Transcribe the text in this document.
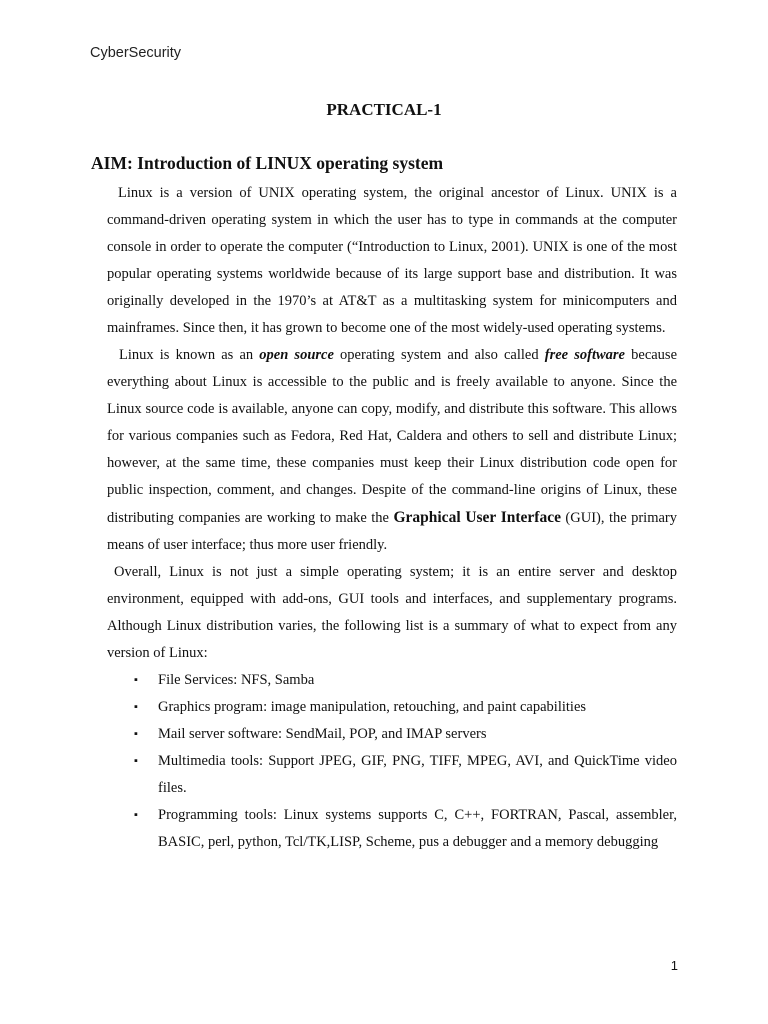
CyberSecurity
PRACTICAL-1
AIM: Introduction of LINUX operating system

Linux is a version of UNIX operating system, the original ancestor of Linux. UNIX is a command-driven operating system in which the user has to type in commands at the computer console in order to operate the computer (“Introduction to Linux, 2001). UNIX is one of the most popular operating systems worldwide because of its large support base and distribution. It was originally developed in the 1970’s at AT&T as a multitasking system for minicomputers and mainframes. Since then, it has grown to become one of the most widely-used operating systems.

Linux is known as an open source operating system and also called free software because everything about Linux is accessible to the public and is freely available to anyone. Since the Linux source code is available, anyone can copy, modify, and distribute this software. This allows for various companies such as Fedora, Red Hat, Caldera and others to sell and distribute Linux; however, at the same time, these companies must keep their Linux distribution code open for public inspection, comment, and changes. Despite of the command-line origins of Linux, these distributing companies are working to make the Graphical User Interface (GUI), the primary means of user interface; thus more user friendly.

Overall, Linux is not just a simple operating system; it is an entire server and desktop environment, equipped with add-ons, GUI tools and interfaces, and supplementary programs. Although Linux distribution varies, the following list is a summary of what to expect from any version of Linux:

▪ File Services: NFS, Samba
▪ Graphics program: image manipulation, retouching, and paint capabilities
▪ Mail server software: SendMail, POP, and IMAP servers
▪ Multimedia tools: Support JPEG, GIF, PNG, TIFF, MPEG, AVI, and QuickTime video files.
▪ Programming tools: Linux systems supports C, C++, FORTRAN, Pascal, assembler, BASIC, perl, python, Tcl/TK,LISP, Scheme, pus a debugger and a memory debugging
1
